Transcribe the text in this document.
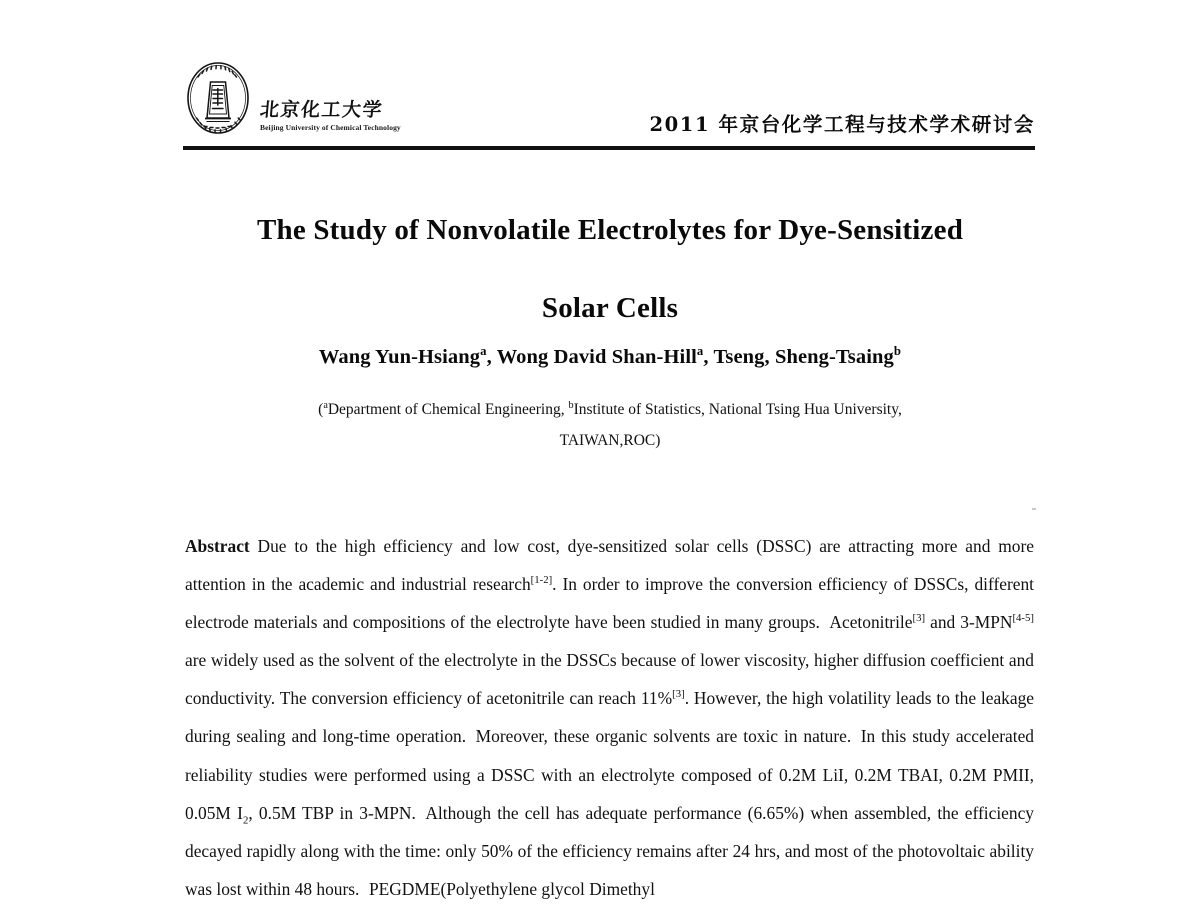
北京化工大学
Beijing University of Chemical Technology	2011 年京台化学工程与技术学术研讨会
The Study of Nonvolatile Electrolytes for Dye-Sensitized
Solar Cells
Wang Yun-Hsiang$^a$, Wong David Shan-Hill$^a$, Tseng, Sheng-Tsaing$^b$
($^a$Department of Chemical Engineering, $^b$Institute of Statistics, National Tsing Hua University,
TAIWAN,ROC)
Abstract Due to the high efficiency and low cost, dye-sensitized solar cells (DSSC) are attracting more and more attention in the academic and industrial research[1-2]. In order to improve the conversion efficiency of DSSCs, different electrode materials and compositions of the electrolyte have been studied in many groups. Acetonitrile[3] and 3-MPN[4-5] are widely used as the solvent of the electrolyte in the DSSCs because of lower viscosity, higher diffusion coefficient and conductivity. The conversion efficiency of acetonitrile can reach 11%[3]. However, the high volatility leads to the leakage during sealing and long-time operation. Moreover, these organic solvents are toxic in nature. In this study accelerated reliability studies were performed using a DSSC with an electrolyte composed of 0.2M LiI, 0.2M TBAI, 0.2M PMII, 0.05M $I_2$, 0.5M TBP in 3-MPN. Although the cell has adequate performance (6.65%) when assembled, the efficiency decayed rapidly along with the time: only 50% of the efficiency remains after 24 hrs, and most of the photovoltaic ability was lost within 48 hours. PEGDME(Polyethylene glycol Dimethyl
